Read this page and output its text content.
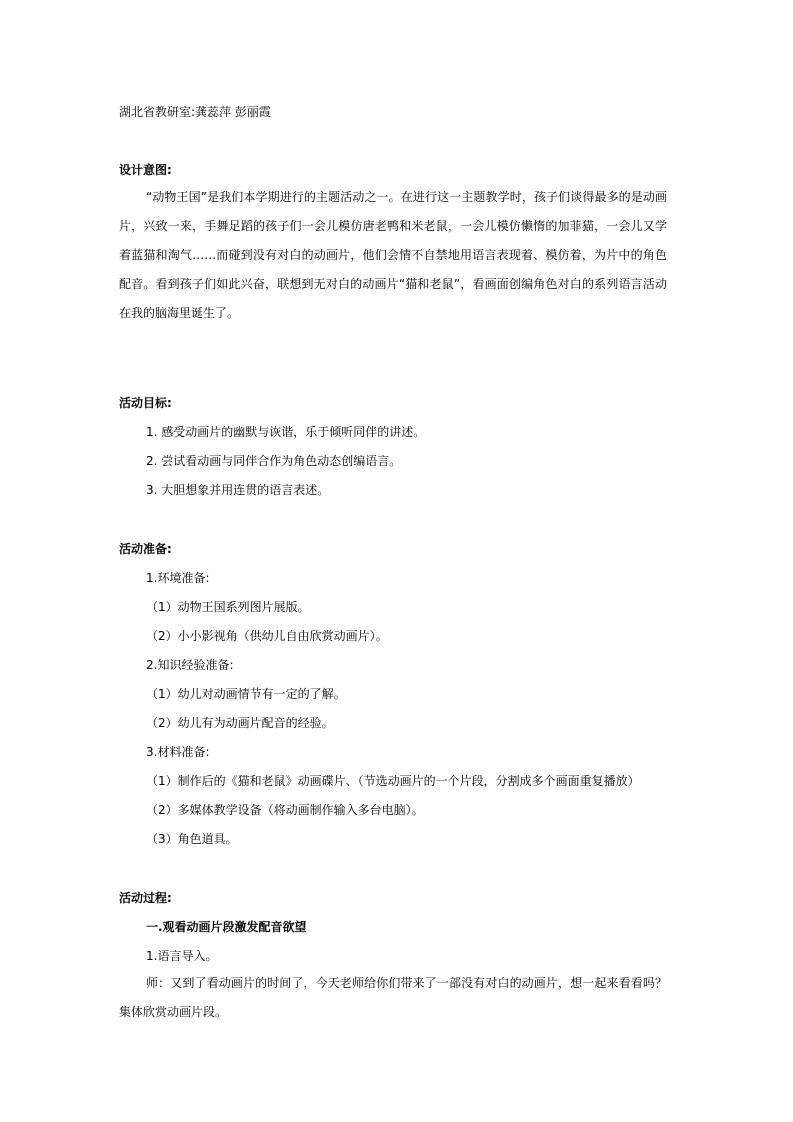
湖北省教研室:龚蕊萍 彭丽霞
设计意图:
“动物王国”是我们本学期进行的主题活动之一。在进行这一主题教学时，孩子们谈得最多的是动画片，兴致一来，手舞足蹈的孩子们一会儿模仿唐老鸭和米老鼠，一会儿模仿懒惰的加菲猫，一会儿又学着蓝猫和淘气……而碰到没有对白的动画片，他们会情不自禁地用语言表现着、模仿着，为片中的角色配音。看到孩子们如此兴奋，联想到无对白的动画片“猫和老鼠”，看画面创编角色对白的系列语言活动在我的脑海里诞生了。
活动目标:
1. 感受动画片的幽默与诙谐，乐于倾听同伴的讲述。
2. 尝试看动画与同伴合作为角色动态创编语言。
3. 大胆想象并用连贯的语言表述。
活动准备:
1.环境准备:
（1）动物王国系列图片展版。
（2）小小影视角（供幼儿自由欣赏动画片）。
2.知识经验准备:
（1）幼儿对动画情节有一定的了解。
（2）幼儿有为动画片配音的经验。
3.材料准备:
（1）制作后的《猫和老鼠》动画碟片、（节选动画片的一个片段，分割成多个画面重复播放）
（2）多媒体教学设备（将动画制作输入多台电脑）。
（3）角色道具。
活动过程:
一.观看动画片段激发配音欲望
1.语言导入。
师：又到了看动画片的时间了，今天老师给你们带来了一部没有对白的动画片，想一起来看看吗？集体欣赏动画片段。
